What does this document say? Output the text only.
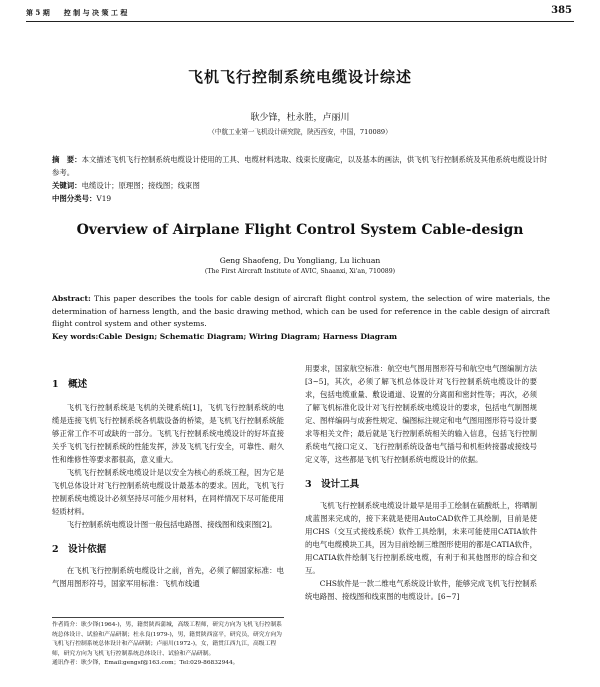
第 5 期　　控 制 与 决 策 工 程	385
飞机飞行控制系统电缆设计综述
耿少锋，杜永胜，卢丽川
（中航工业第一飞机设计研究院，陕西西安，中国，710089）
摘　要：本文描述飞机飞行控制系统电缆设计使用的工具、电缆材料选取、线束长度确定，以及基本的画法，供飞机飞行控制系统及其他系统电缆设计时参考。
关键词：电缆设计；原理图；接线图；线束图
中图分类号：V19
Overview of Airplane Flight Control System Cable-design
Geng Shaofeng, Du Yongliang, Lu lichuan
(The First Aircraft Institute of AVIC, Shaanxi, Xi'an, 710089)
Abstract: This paper describes the tools for cable design of aircraft flight control system, the selection of wire materials, the determination of harness length, and the basic drawing method, which can be used for reference in the cable design of aircraft flight control system and other systems.
Key words:Cable Design; Schematic Diagram; Wiring Diagram; Harness Diagram
1　概述

飞机飞行控制系统是飞机的关键系统[1]，飞机飞行控制系统的电缆是连接飞机飞行控制系统各机载设备的桥梁，是飞机飞行控制系统能够正常工作不可或缺的一部分。飞机飞行控制系统电缆设计的好坏直接关乎飞机飞行控制系统的性能发挥，涉及飞机飞行安全，可靠性、耐久性和维修性等要求都很高，意义重大。

飞机飞行控制系统电缆设计是以安全为核心的系统工程，因为它是飞机总体设计对飞行控制系统电缆设计最基本的要求。因此，飞机飞行控制系统电缆设计必须坚持尽可能少用材料，在同样情况下尽可能使用轻质材料。

飞行控制系统电缆设计图一般包括电路图、接线图和线束图[2]。

2　设计依据

在飞机飞行控制系统电缆设计之前，首先，必须了解国家标准：电气图用图形符号，国家军用标准：飞机布线通

作者简介：耿少锋(1964-)，男，籍贯陕西蒲城，高级工程师，研究方向为飞机飞行控制系统总体设计、试验和产品研制；杜永良(1979-)，男，籍贯陕西富平，研究员，研究方向为飞机飞行控制系统总体设计和产品研制；卢丽川(1972-)，女，籍贯江西九江，高级工程师，研究方向为飞机飞行控制系统总体设计、试验和产品研制。
通讯作者：耿少锋，Email:gengsf@163.com；Tel:029-86832944。

用要求，国家航空标准：航空电气图用图形符号和航空电气图编制方法[3~5]，其次，必须了解飞机总体设计对飞行控制系统电缆设计的要求，包括电缆重量、敷设通道、设置的分离面和密封性等；再次，必须了解飞机标准化设计对飞行控制系统电缆设计的要求，包括电气制图规定、图样编码与成套性规定、编图标注规定和电气图用图形符号设计要求等相关文件；最后就是飞行控制系统相关的输入信息，包括飞行控制系统电气接口定义、飞行控制系统设备电气插号和机柜转接器或接线号定义等，这些都是飞机飞行控制系统电缆设计的依据。

3　设计工具

飞机飞行控制系统电缆设计最早是用手工绘制在硫酸纸上，将晒制成蓝图来完成的，接下来就是使用AutoCAD软件工具绘制，目前是使用CHS（交互式接线系统）软件工具绘制，未来可能使用CATIA软件的电气电缆模块工具，因为目前绘制三维图形使用的都是CATIA软件，用CATIA软件绘制飞行控制系统电缆，有利于和其他图形的综合和交互。

CHS软件是一款二维电气系统设计软件，能够完成飞机飞行控制系统电路图、接线图和线束图的电缆设计。[6~7]
